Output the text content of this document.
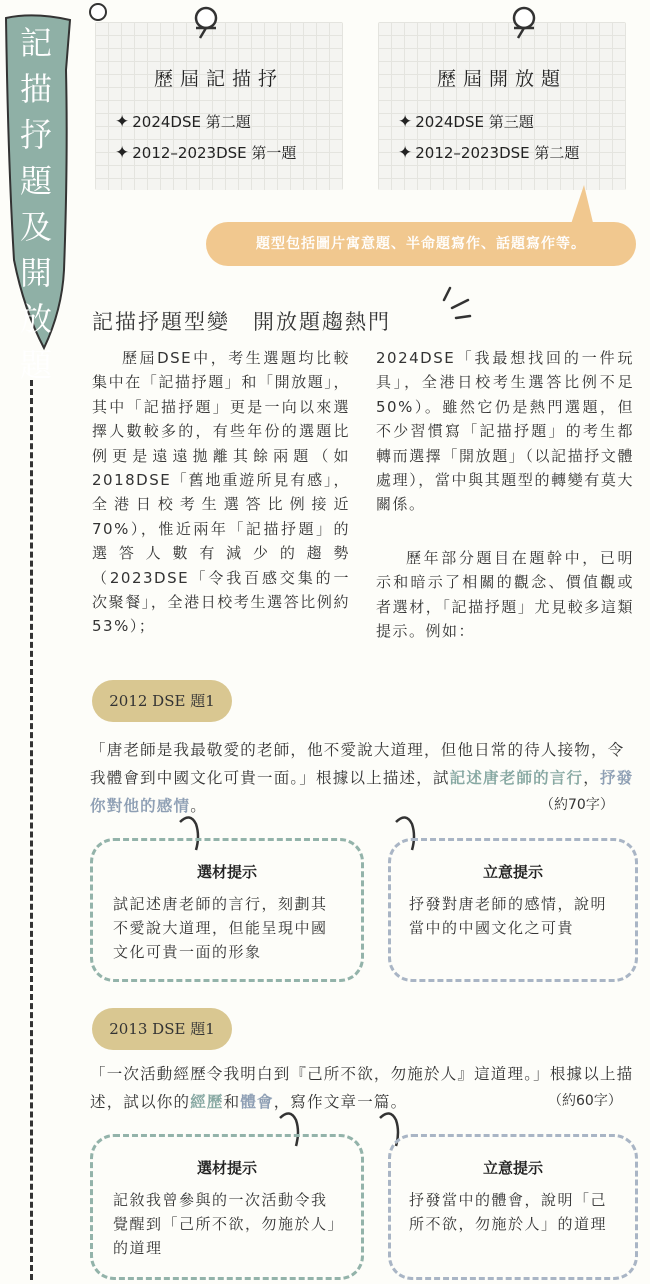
記描抒題及開放題
歷屆記描抒
✦ 2024DSE 第二題
✦ 2012–2023DSE 第一題
歷屆開放題
✦ 2024DSE 第三題
✦ 2012–2023DSE 第二題
題型包括圖片寓意題、半命題寫作、話題寫作等。
記描抒題型變　開放題趨熱門
歷屆DSE中，考生選題均比較集中在「記描抒題」和「開放題」，其中「記描抒題」更是一向以來選擇人數較多的，有些年份的選題比例更是遠遠拋離其餘兩題（如2018DSE「舊地重遊所見有感」，全港日校考生選答比例接近70%），惟近兩年「記描抒題」的選答人數有減少的趨勢（2023DSE「令我百感交集的一次聚餐」，全港日校考生選答比例約53%）；
2024DSE「我最想找回的一件玩具」，全港日校考生選答比例不足50%）。雖然它仍是熱門選題，但不少習慣寫「記描抒題」的考生都轉而選擇「開放題」（以記描抒文體處理），當中與其題型的轉變有莫大關係。
歷年部分題目在題幹中，已明示和暗示了相關的觀念、價值觀或者選材，「記描抒題」尤見較多這類提示。例如：
2012 DSE 題1
「唐老師是我最敬愛的老師，他不愛說大道理，但他日常的待人接物，令我體會到中國文化可貴一面。」根據以上描述，試記述唐老師的言行，抒發你對他的感情。	（約70字）
選材提示
試記述唐老師的言行，刻劃其不愛說大道理，但能呈現中國文化可貴一面的形象
立意提示
抒發對唐老師的感情，說明當中的中國文化之可貴
2013 DSE 題1
「一次活動經歷令我明白到『己所不欲，勿施於人』這道理。」根據以上描述，試以你的經歷和體會，寫作文章一篇。	（約60字）
選材提示
記敘我曾參與的一次活動令我覺醒到「己所不欲，勿施於人」的道理
立意提示
抒發當中的體會，說明「己所不欲，勿施於人」的道理
